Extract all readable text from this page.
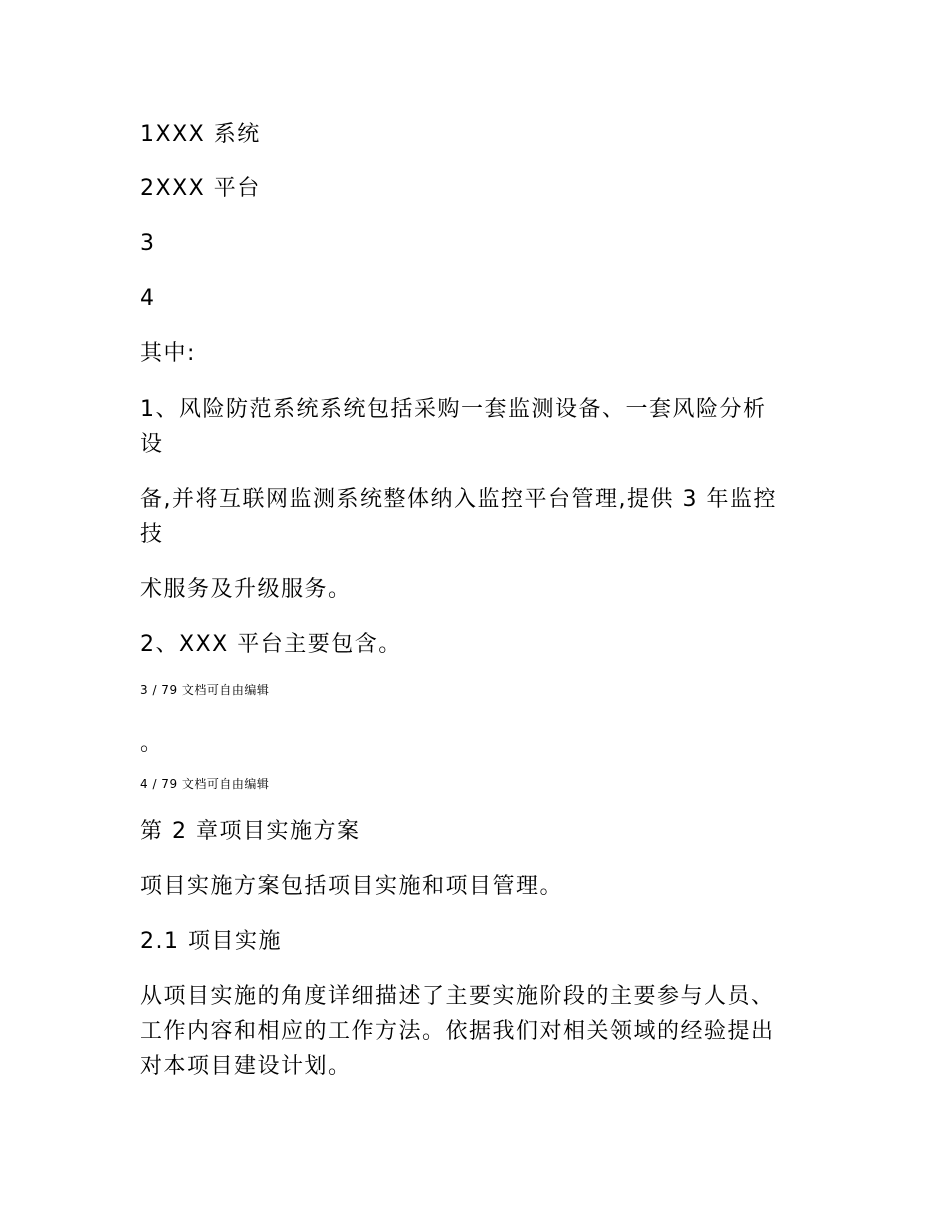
1XXX 系统

2XXX 平台

3

4

其中:

1、风险防范系统系统包括采购一套监测设备、一套风险分析

设

备,并将互联网监测系统整体纳入监控平台管理,提供 3 年监控

技

术服务及升级服务。

2、XXX 平台主要包含。

3 / 79 文档可自由编辑

。

4 / 79 文档可自由编辑

第 2 章项目实施方案

项目实施方案包括项目实施和项目管理。

2.1 项目实施

从项目实施的角度详细描述了主要实施阶段的主要参与人员、

工作内容和相应的工作方法。依据我们对相关领域的经验提出

对本项目建设计划。
